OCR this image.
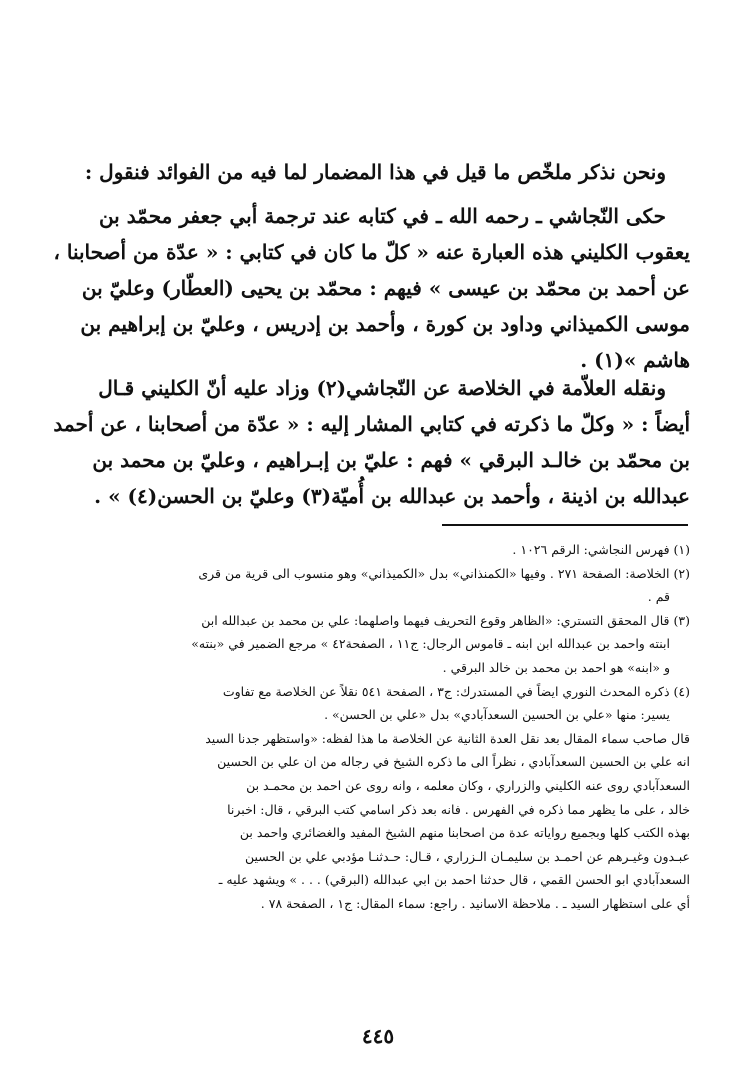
ونحن نذكر ملخّص ما قيل في هذا المضمار لما فيه من الفوائد فنقول :
حكى النّجاشي ـ رحمه الله ـ في كتابه عند ترجمة أبي جعفر محمّد بن
يعقوب الكليني هذه العبارة عنه « كلّ ما كان في كتابي : « عدّة من أصحابنا ،
عن أحمد بن محمّد بن عيسى » فيهم : محمّد بن يحيى (العطّار) وعليّ بن
موسى الكميذاني وداود بن كورة ، وأحمد بن إدريس ، وعليّ بن إبراهيم بن
هاشم »(١) .
ونقله العلاّمة في الخلاصة عن النّجاشي(٢) وزاد عليه أنّ الكليني قـال
أيضاً : « وكلّ ما ذكرته في كتابي المشار إليه : « عدّة من أصحابنا ، عن أحمد
بن محمّد بن خالـد البرقي » فهم : عليّ بن إبـراهيم ، وعليّ بن محمد بن
عبدالله بن اذينة ، وأحمد بن عبدالله بن أُميّة(٣) وعليّ بن الحسن(٤) » .
(١) فهرس النجاشي: الرقم ١٠٢٦ .
(٢) الخلاصة: الصفحة ٢٧١ . وفيها «الكمنذاني» بدل «الكميذاني» وهو منسوب الى قرية من قرى
قم .
(٣) قال المحقق التستري: «الظاهر وقوع التحريف فيهما واصلهما: علي بن محمد بن عبدالله ابن
ابنته واحمد بن عبدالله ابن ابنه ـ قاموس الرجال: ج١١ ، الصفحة٤٢ » مرجع الضمير في «بنته»
و «ابنه» هو احمد بن محمد بن خالد البرقي .
(٤) ذكره المحدث النوري ايضاً في المستدرك: ج٣ ، الصفحة ٥٤١ نقلاً عن الخلاصة مع تفاوت
يسير: منها «علي بن الحسين السعدآبادي» بدل «علي بن الحسن» .
قال صاحب سماء المقال بعد نقل العدة الثانية عن الخلاصة ما هذا لفظه: «واستظهر جدنا السيد
انه علي بن الحسين السعدآبادي ، نظراً الى ما ذكره الشيخ في رجاله من ان علي بن الحسين
السعدآبادي روى عنه الكليني والزراري ، وكان معلمه ، وانه روى عن احمد بن محمـد بن
خالد ، على ما يظهر مما ذكره في الفهرس . فانه بعد ذكر اسامي كتب البرقي ، قال: اخبرنا
بهذه الكتب كلها وبجميع رواياته عدة من اصحابنا منهم الشيخ المفيد والغضائري واحمد بن
عبـدون وغيـرهم عن احمـد بن سليمـان الـزراري ، قـال: حـدثنـا مؤدبي علي بن الحسين
السعدآبادي ابو الحسن القمي ، قال حدثنا احمد بن ابي عبدالله (البرقي) . . . » ويشهد عليه ـ
أي على استظهار السيد ـ . ملاحظة الاسانيد . راجع: سماء المقال: ج١ ، الصفحة ٧٨ .
٤٤٥
